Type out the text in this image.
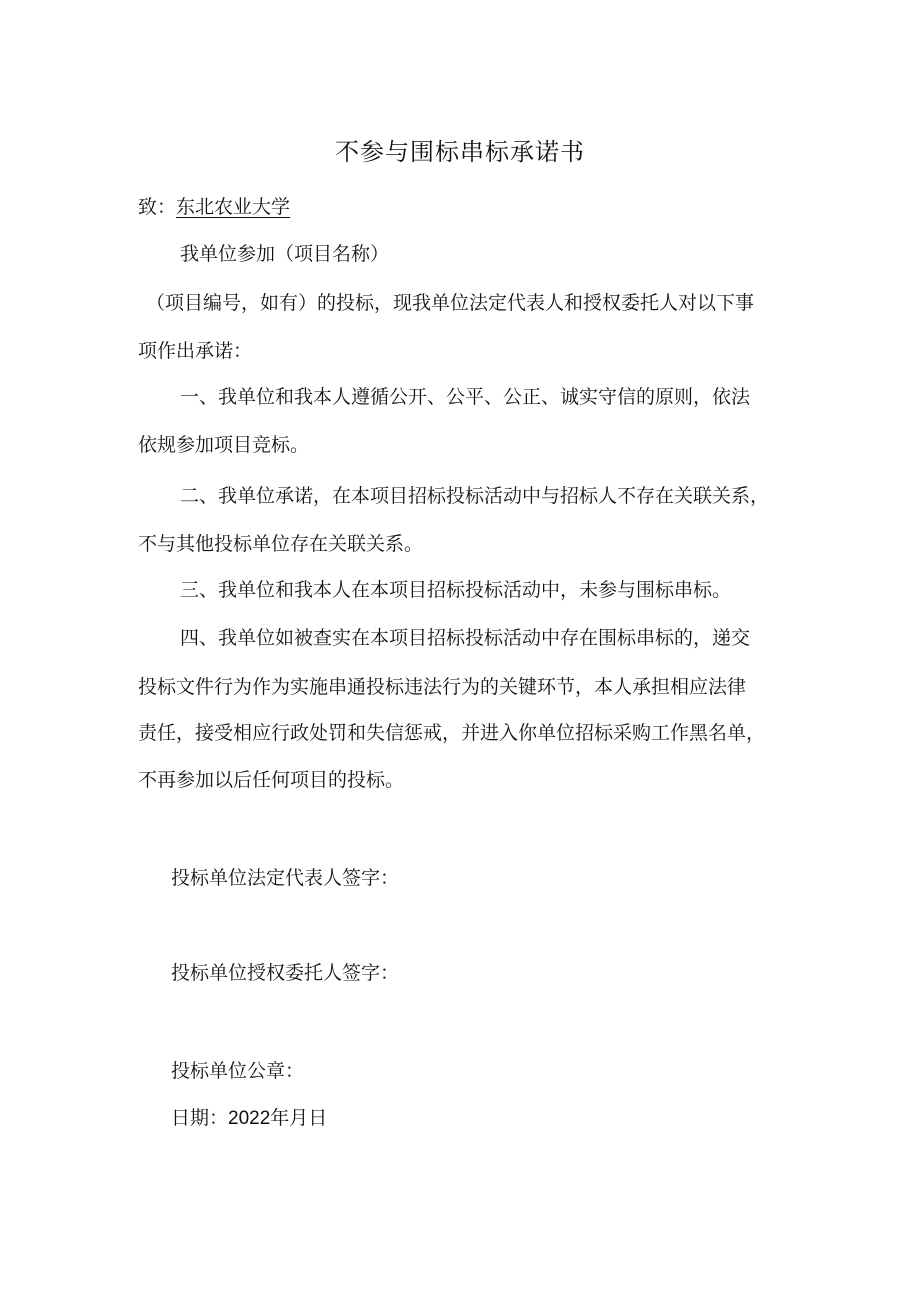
不参与围标串标承诺书
致：东北农业大学
我单位参加（项目名称）
（项目编号，如有）的投标，现我单位法定代表人和授权委托人对以下事
项作出承诺：
一、我单位和我本人遵循公开、公平、公正、诚实守信的原则，依法
依规参加项目竞标。
二、我单位承诺，在本项目招标投标活动中与招标人不存在关联关系，
不与其他投标单位存在关联关系。
三、我单位和我本人在本项目招标投标活动中，未参与围标串标。
四、我单位如被查实在本项目招标投标活动中存在围标串标的，递交
投标文件行为作为实施串通投标违法行为的关键环节，本人承担相应法律
责任，接受相应行政处罚和失信惩戒，并进入你单位招标采购工作黑名单，
不再参加以后任何项目的投标。
投标单位法定代表人签字：
投标单位授权委托人签字：
投标单位公章：
日期：2022年月日
